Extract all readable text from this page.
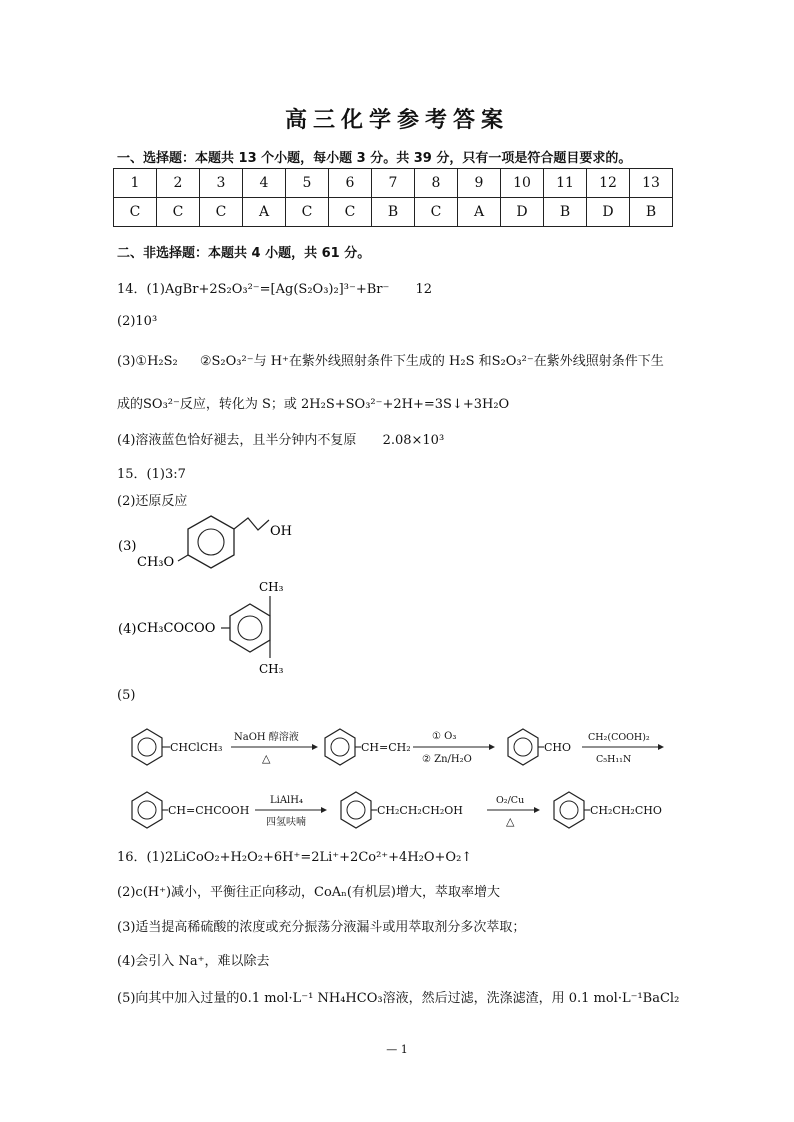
高三化学参考答案
一、选择题：本题共 13 个小题，每小题 3 分。共 39 分，只有一项是符合题目要求的。
1	2	3	4	5	6	7	8	9	10	11	12	13
C	C	C	A	C	C	B	C	A	D	B	D	B
二、非选择题：本题共 4 小题，共 61 分。
14．(1)AgBr+2S₂O₃²⁻=[Ag(S₂O₃)₂]³⁻+Br⁻ 12
(2)10³
(3)①H₂S₂ ②S₂O₃²⁻与 H⁺在紫外线照射条件下生成的 H₂S 和S₂O₃²⁻在紫外线照射条件下生
成的SO₃²⁻反应，转化为 S；或 2H₂S+SO₃²⁻+2H+=3S↓+3H₂O
(4)溶液蓝色恰好褪去，且半分钟内不复原 2.08×10³
15．(1)3:7
(2)还原反应
(3)
CH₃O
OH
(4) CH₃COCOO
CH₃
CH₃
(5)
CHClCH₃
NaOH 醇溶液
△
CH=CH₂
① O₃
② Zn/H₂O
CHO
CH₂(COOH)₂
C₅H₁₁N
CH=CHCOOH
LiAlH₄
四氢呋喃
CH₂CH₂CH₂OH
O₂/Cu
△
CH₂CH₂CHO
16．(1)2LiCoO₂+H₂O₂+6H⁺=2Li⁺+2Co²⁺+4H₂O+O₂↑
(2)c(H⁺)减小，平衡往正向移动，CoAₙ(有机层)增大，萃取率增大
(3)适当提高稀硫酸的浓度或充分振荡分液漏斗或用萃取剂分多次萃取；
(4)会引入 Na⁺，难以除去
(5)向其中加入过量的0.1 mol·L⁻¹ NH₄HCO₃溶液，然后过滤，洗涤滤渣，用 0.1 mol·L⁻¹BaCl₂
— 1
